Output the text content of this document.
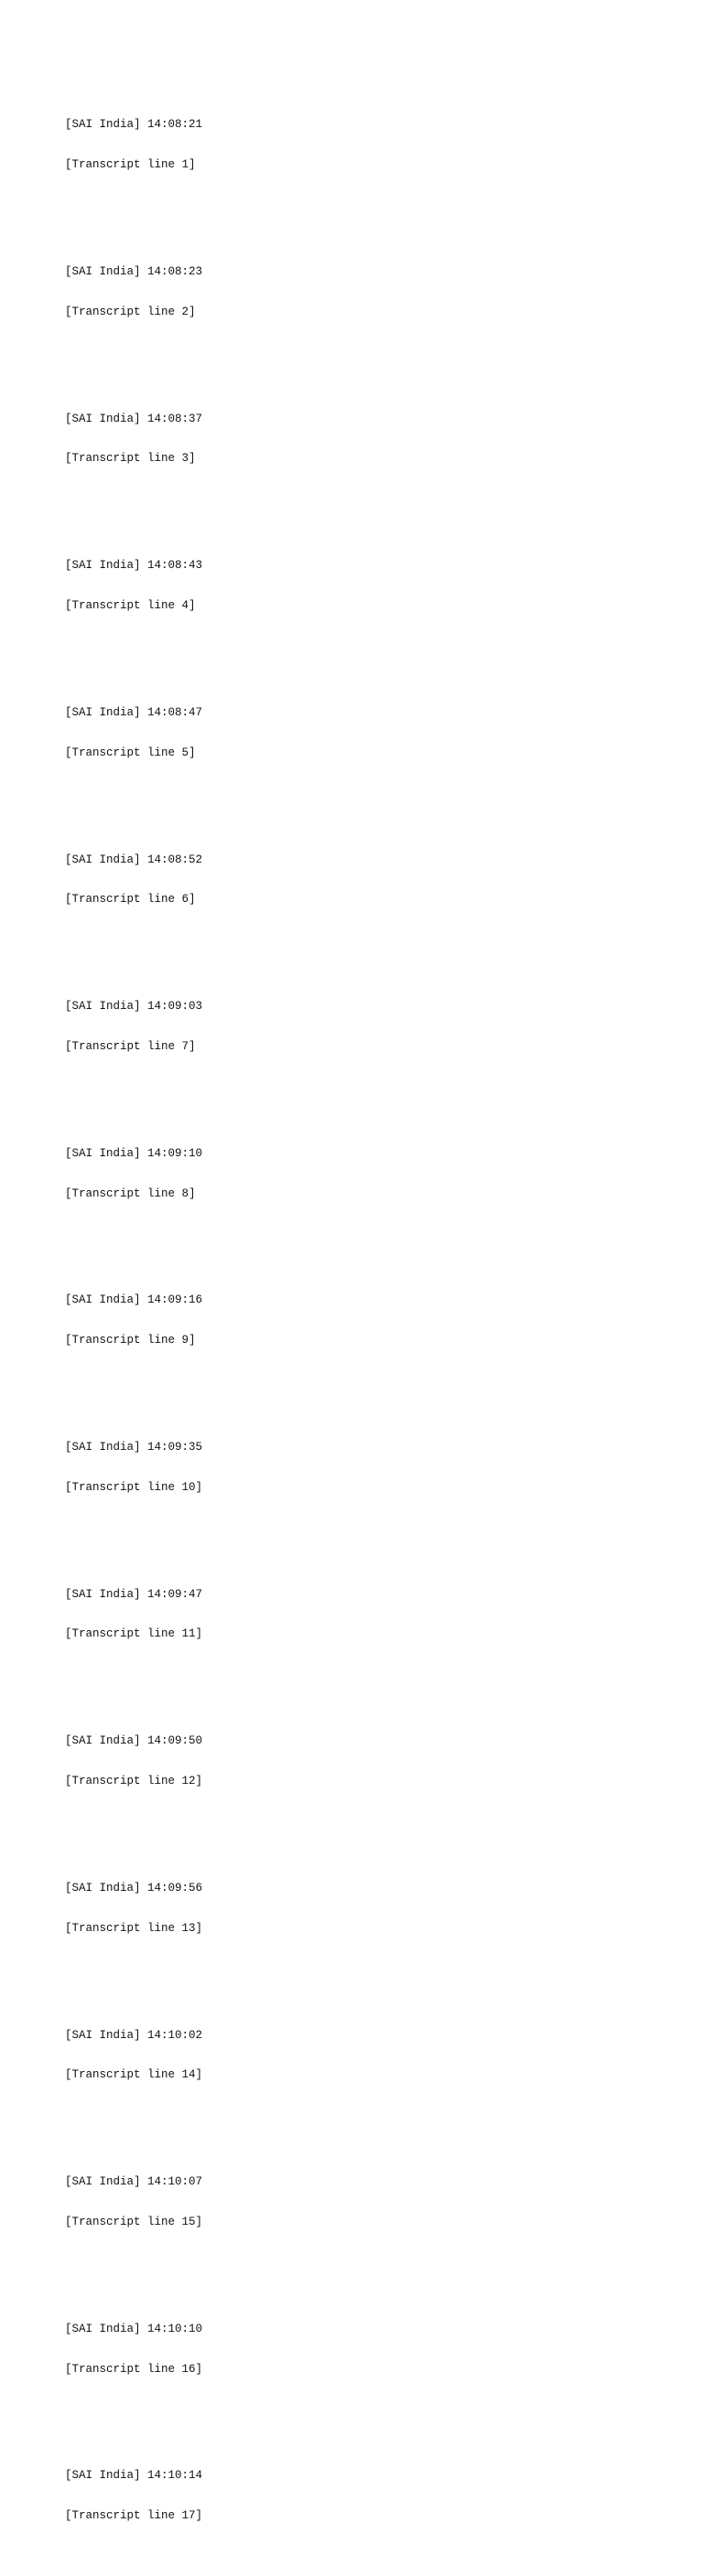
[SAI India] 14:08:21

[Transcript line 1]

[SAI India] 14:08:23

[Transcript line 2]

[SAI India] 14:08:37

[Transcript line 3]

[SAI India] 14:08:43

[Transcript line 4]

[SAI India] 14:08:47

[Transcript line 5]

[SAI India] 14:08:52

[Transcript line 6]

[SAI India] 14:09:03

[Transcript line 7]

[SAI India] 14:09:10

[Transcript line 8]

[SAI India] 14:09:16

[Transcript line 9]

[SAI India] 14:09:35

[Transcript line 10]

[SAI India] 14:09:47

[Transcript line 11]

[SAI India] 14:09:50

[Transcript line 12]

[SAI India] 14:09:56

[Transcript line 13]

[SAI India] 14:10:02

[Transcript line 14]

[SAI India] 14:10:07

[Transcript line 15]

[SAI India] 14:10:10

[Transcript line 16]

[SAI India] 14:10:14

[Transcript line 17]
